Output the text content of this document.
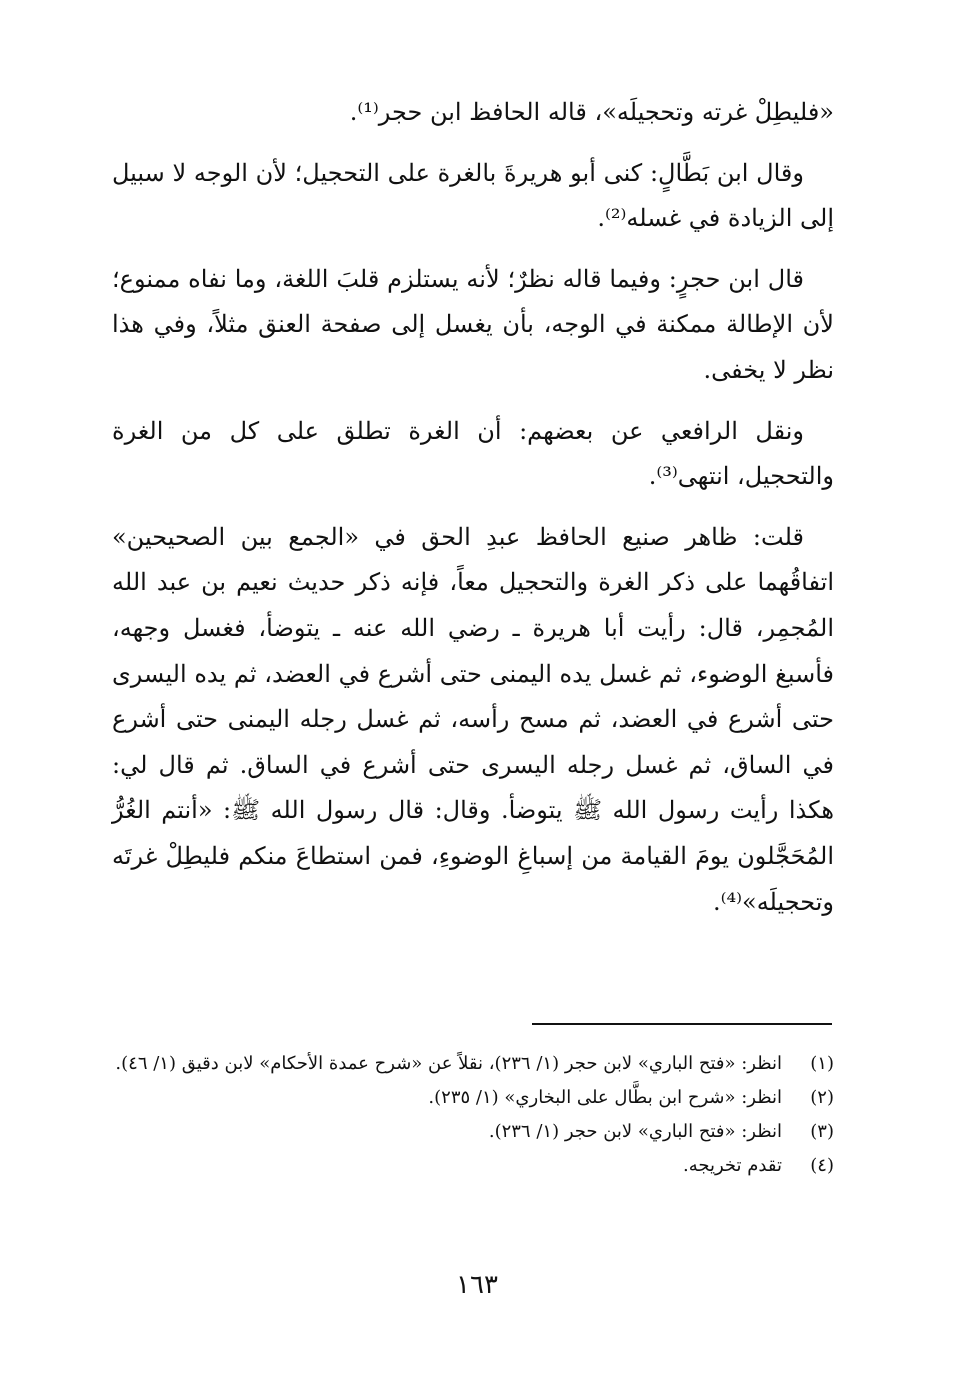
«فليطِلْ غرته وتحجيلَه»، قاله الحافظ ابن حجر⁽¹⁾.

وقال ابن بَطَّالٍ: كنى أبو هريرةَ بالغرة على التحجيل؛ لأن الوجه لا سبيل إلى الزيادة في غسله⁽²⁾.

قال ابن حجرٍ: وفيما قاله نظرٌ؛ لأنه يستلزم قلبَ اللغة، وما نفاه ممنوع؛ لأن الإطالة ممكنة في الوجه، بأن يغسل إلى صفحة العنق مثلاً، وفي هذا نظر لا يخفى.

ونقل الرافعي عن بعضهم: أن الغرة تطلق على كل من الغرة والتحجيل، انتهى⁽³⁾.

قلت: ظاهر صنيع الحافظ عبدِ الحق في «الجمع بين الصحيحين» اتفاقُهما على ذكر الغرة والتحجيل معاً، فإنه ذكر حديث نعيم بن عبد الله المُجمِر، قال: رأيت أبا هريرة ـ رضي الله عنه ـ يتوضأ، فغسل وجهه، فأسبغ الوضوء، ثم غسل يده اليمنى حتى أشرع في العضد، ثم يده اليسرى حتى أشرع في العضد، ثم مسح رأسه، ثم غسل رجله اليمنى حتى أشرع في الساق، ثم غسل رجله اليسرى حتى أشرع في الساق. ثم قال لي: هكذا رأيت رسول الله ﷺ يتوضأ. وقال: قال رسول الله ﷺ: «أنتم الغُرُّ المُحَجَّلون يومَ القيامة من إسباغِ الوضوءِ، فمن استطاعَ منكم فليطِلْ غرتَه وتحجيلَه»⁽⁴⁾.

(١)
انظر: «فتح الباري» لابن حجر (١/ ٢٣٦)، نقلاً عن «شرح عمدة الأحكام» لابن دقيق (١/ ٤٦).
(٢)
انظر: «شرح ابن بطَّال على البخاري» (١/ ٢٣٥).
(٣)
انظر: «فتح الباري» لابن حجر (١/ ٢٣٦).
(٤)
تقدم تخريجه.
١٦٣
